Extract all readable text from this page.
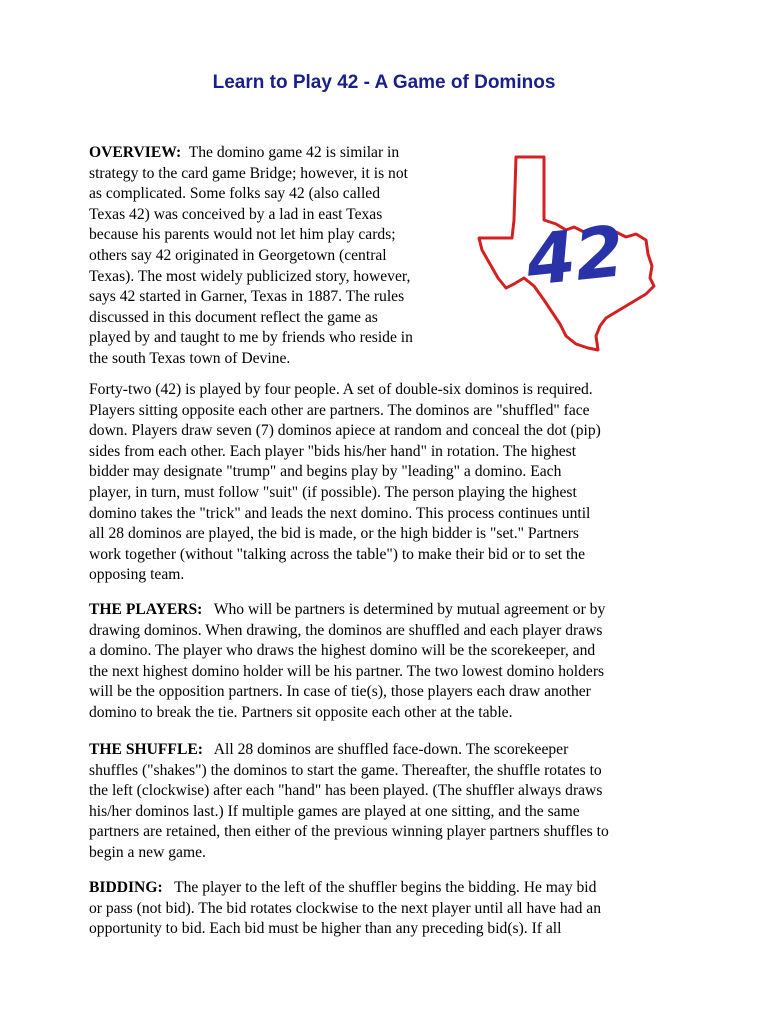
Learn to Play 42 - A Game of Dominos
OVERVIEW: The domino game 42 is similar in
strategy to the card game Bridge; however, it is not
as complicated. Some folks say 42 (also called
Texas 42) was conceived by a lad in east Texas
because his parents would not let him play cards;
others say 42 originated in Georgetown (central
Texas). The most widely publicized story, however,
says 42 started in Garner, Texas in 1887. The rules
discussed in this document reflect the game as
played by and taught to me by friends who reside in
the south Texas town of Devine.
42
Forty-two (42) is played by four people. A set of double-six dominos is required.
Players sitting opposite each other are partners. The dominos are "shuffled" face
down. Players draw seven (7) dominos apiece at random and conceal the dot (pip)
sides from each other. Each player "bids his/her hand" in rotation. The highest
bidder may designate "trump" and begins play by "leading" a domino. Each
player, in turn, must follow "suit" (if possible). The person playing the highest
domino takes the "trick" and leads the next domino. This process continues until
all 28 dominos are played, the bid is made, or the high bidder is "set." Partners
work together (without "talking across the table") to make their bid or to set the
opposing team.
THE PLAYERS: Who will be partners is determined by mutual agreement or by
drawing dominos. When drawing, the dominos are shuffled and each player draws
a domino. The player who draws the highest domino will be the scorekeeper, and
the next highest domino holder will be his partner. The two lowest domino holders
will be the opposition partners. In case of tie(s), those players each draw another
domino to break the tie. Partners sit opposite each other at the table.
THE SHUFFLE: All 28 dominos are shuffled face-down. The scorekeeper
shuffles ("shakes") the dominos to start the game. Thereafter, the shuffle rotates to
the left (clockwise) after each "hand" has been played. (The shuffler always draws
his/her dominos last.) If multiple games are played at one sitting, and the same
partners are retained, then either of the previous winning player partners shuffles to
begin a new game.
BIDDING: The player to the left of the shuffler begins the bidding. He may bid
or pass (not bid). The bid rotates clockwise to the next player until all have had an
opportunity to bid. Each bid must be higher than any preceding bid(s). If all
